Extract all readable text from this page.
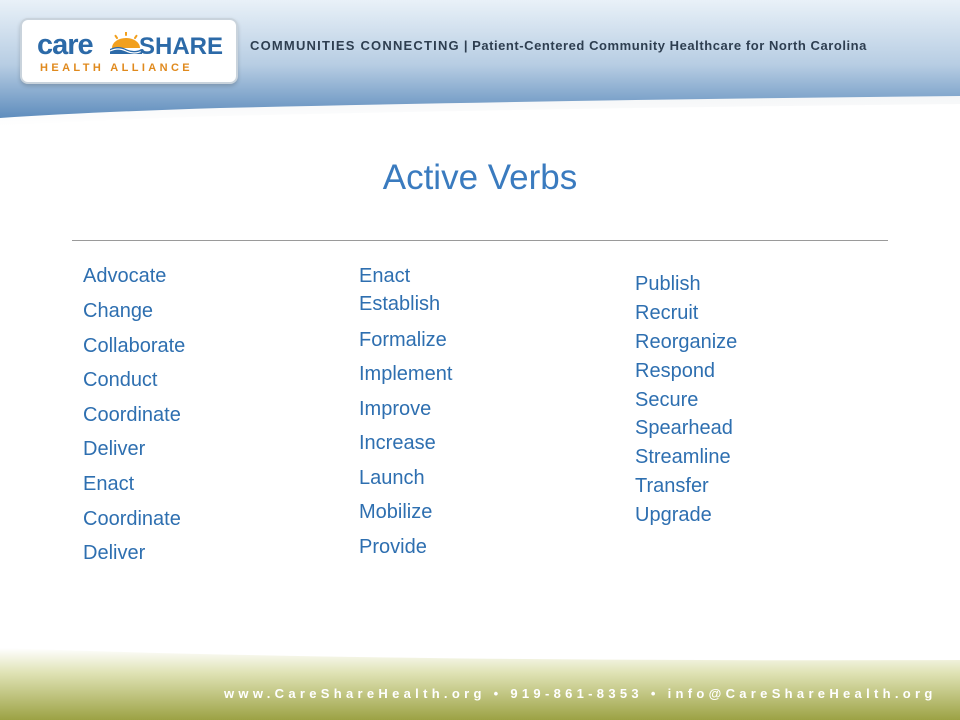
care SHARE
HEALTH ALLIANCE
COMMUNITIES CONNECTING | Patient-Centered Community Healthcare for North Carolina
Active Verbs
Advocate
Change
Collaborate
Conduct
Coordinate
Deliver
Enact
Coordinate
Deliver
Enact
Establish
Formalize
Implement
Improve
Increase
Launch
Mobilize
Provide
Publish
Recruit
Reorganize
Respond
Secure
Spearhead
Streamline
Transfer
Upgrade
www.CareShareHealth.org • 919-861-8353 • info@CareShareHealth.org
